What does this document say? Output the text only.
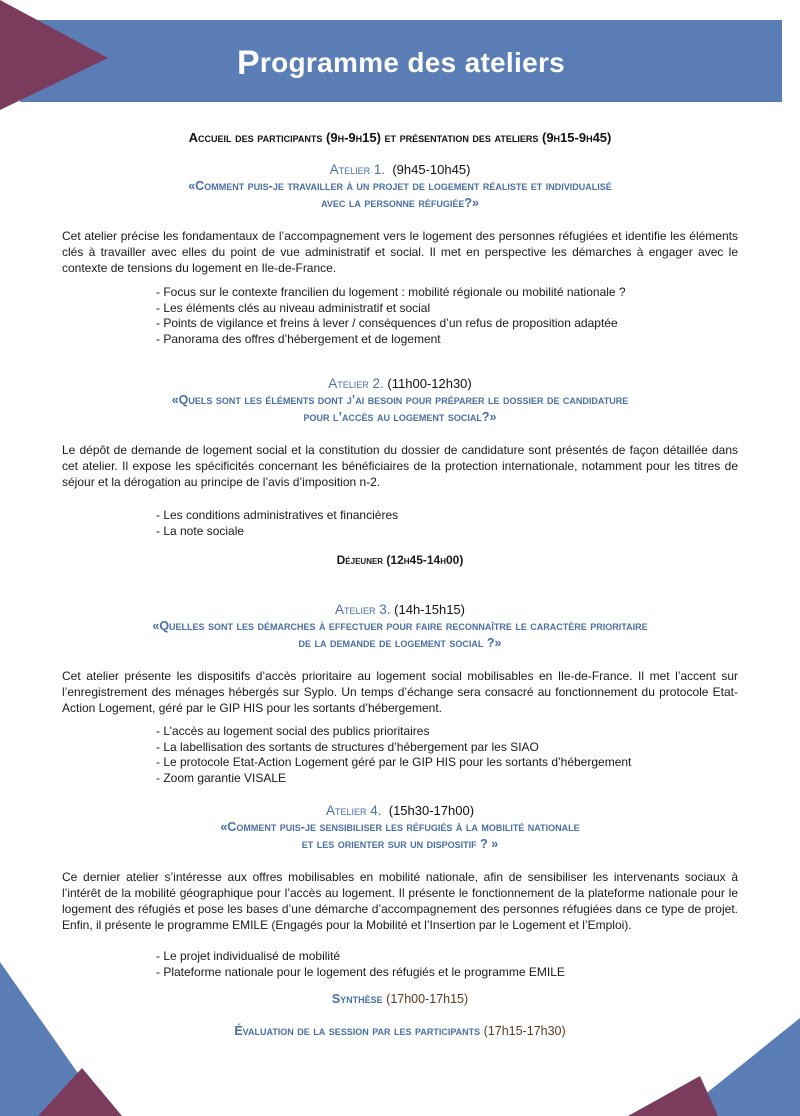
P rogramme des ateliers

Accueil des participants (9h-9h15) et présentation des ateliers (9h15-9h45)

Atelier 1. (9h45-10h45)

«Comment puis-je travailler à un projet de logement réaliste et individualisé
avec la personne réfugiée?»

Cet atelier précise les fondamentaux de l’accompagnement vers le logement des personnes réfugiées et identifie les éléments clés à travailler avec elles du point de vue administratif et social. Il met en perspective les démarches à engager avec le contexte de tensions du logement en Ile-de-France.

- Focus sur le contexte francilien du logement : mobilité régionale ou mobilité nationale ?
- Les éléments clés au niveau administratif et social
- Points de vigilance et freins à lever / conséquences d’un refus de proposition adaptée
- Panorama des offres d’hébergement et de logement

Atelier 2. (11h00-12h30)

«Quels sont les éléments dont j’ai besoin pour préparer le dossier de candidature
pour l’accès au logement social?»

Le dépôt de demande de logement social et la constitution du dossier de candidature sont présentés de façon détaillée dans cet atelier. Il expose les spécificités concernant les bénéficiaires de la protection internationale, notamment pour les titres de séjour et la dérogation au principe de l’avis d’imposition n-2.

- Les conditions administratives et financières
- La note sociale

Déjeuner (12h45-14h00)

Atelier 3. (14h-15h15)

«Quelles sont les démarches à effectuer pour faire reconnaître le caractère prioritaire
de la demande de logement social ?»

Cet atelier présente les dispositifs d’accès prioritaire au logement social mobilisables en Ile-de-France. Il met l’accent sur l’enregistrement des ménages hébergés sur Syplo. Un temps d’échange sera consacré au fonctionnement du protocole Etat-Action Logement, géré par le GIP HIS pour les sortants d’hébergement.

- L’accès au logement social des publics prioritaires
- La labellisation des sortants de structures d’hébergement par les SIAO
- Le protocole Etat-Action Logement géré par le GIP HIS pour les sortants d’hébergement
- Zoom garantie VISALE

Atelier 4. (15h30-17h00)

«Comment puis-je sensibiliser les réfugiés à la mobilité nationale
et les orienter sur un dispositif ? »

Ce dernier atelier s’intéresse aux offres mobilisables en mobilité nationale, afin de sensibiliser les intervenants sociaux à l’intérêt de la mobilité géographique pour l’accès au logement. Il présente le fonctionnement de la plateforme nationale pour le logement des réfugiés et pose les bases d’une démarche d’accompagnement des personnes réfugiées dans ce type de projet. Enfin, il présente le programme EMILE (Engagés pour la Mobilité et l’Insertion par le Logement et l’Emploi).

- Le projet individualisé de mobilité
- Plateforme nationale pour le logement des réfugiés et le programme EMILE

Synthèse (17h00-17h15)

Évaluation de la session par les participants (17h15-17h30)
